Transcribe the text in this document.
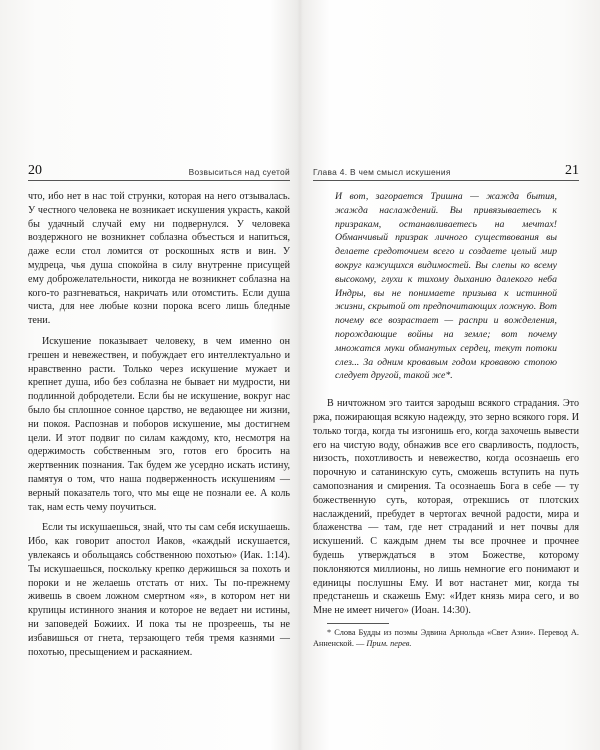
20	Возвыситься над суетой

что, ибо нет в нас той струнки, которая на него отзывалась. У честного человека не возникает искушения украсть, какой бы удачный случай ему ни подвернулся. У человека воздержного не возникнет соблазна объесться и напиться, даже если стол ломится от роскошных яств и вин. У мудреца, чья душа спокойна в силу внутренне присущей ему доброжелательности, никогда не возникнет соблазна на кого-то разгневаться, накричать или отомстить. Если душа чиста, для нее любые козни порока всего лишь бледные тени.

Искушение показывает человеку, в чем именно он грешен и невежествен, и побуждает его интеллектуально и нравственно расти. Только через искушение мужает и крепнет душа, ибо без соблазна не бывает ни мудрости, ни подлинной добродетели. Если бы не искушение, вокруг нас было бы сплошное сонное царство, не ведающее ни жизни, ни покоя. Распознав и поборов искушение, мы достигнем цели. И этот подвиг по силам каждому, кто, несмотря на одержимость собственным эго, готов его бросить на жертвенник познания. Так будем же усердно искать истину, памятуя о том, что наша подверженность искушениям — верный показатель того, что мы еще не познали ее. А коль так, нам есть чему поучиться.

Если ты искушаешься, знай, что ты сам себя искушаешь. Ибо, как говорит апостол Иаков, «каждый искушается, увлекаясь и обольщаясь собственною похотью» (Иак. 1:14). Ты искушаешься, поскольку крепко держишься за похоть и пороки и не желаешь отстать от них. Ты по-прежнему живешь в своем ложном смертном «я», в котором нет ни крупицы истинного знания и которое не ведает ни истины, ни заповедей Божиих. И пока ты не прозреешь, ты не избавишься от гнета, терзающего тебя тремя казнями — похотью, пресыщением и раскаянием.

Глава 4. В чем смысл искушения	21

И вот, загорается Тришна — жажда бытия, жажда наслаждений. Вы привязываетесь к призракам, останавливаетесь на мечтах! Обманчивый призрак личного существования вы делаете средоточием всего и создаете целый мир вокруг кажущихся видимостей. Вы слепы ко всему высокому, глухи к тихому дыханию далекого неба Индры, вы не понимаете призыва к истинной жизни, скрытой от предпочитающих ложную. Вот почему все возрастает — распри и вожделения, порождающие войны на земле; вот почему множатся муки обманутых сердец, текут потоки слез... За одним кровавым годом кровавою стопою следует другой, такой же*.

В ничтожном эго таится зародыш всякого страдания. Это ржа, пожирающая всякую надежду, это зерно всякого горя. И только тогда, когда ты изгонишь его, когда захочешь вывести его на чистую воду, обнажив все его сварливость, подлость, низость, похотливость и невежество, когда осознаешь его порочную и сатанинскую суть, сможешь вступить на путь самопознания и смирения. Та осознаешь Бога в себе — ту божественную суть, которая, отрекшись от плотских наслаждений, пребудет в чертогах вечной радости, мира и блаженства — там, где нет страданий и нет почвы для искушений. С каждым днем ты все прочнее и прочнее будешь утверждаться в этом Божестве, которому поклоняются миллионы, но лишь немногие его понимают и единицы послушны Ему. И вот настанет миг, когда ты предстанешь и скажешь Ему: «Идет князь мира сего, и во Мне не имеет ничего» (Иоан. 14:30).

* Слова Будды из поэмы Эдвина Арнольда «Свет Азии». Перевод А. Анненской. — Прим. перев.
